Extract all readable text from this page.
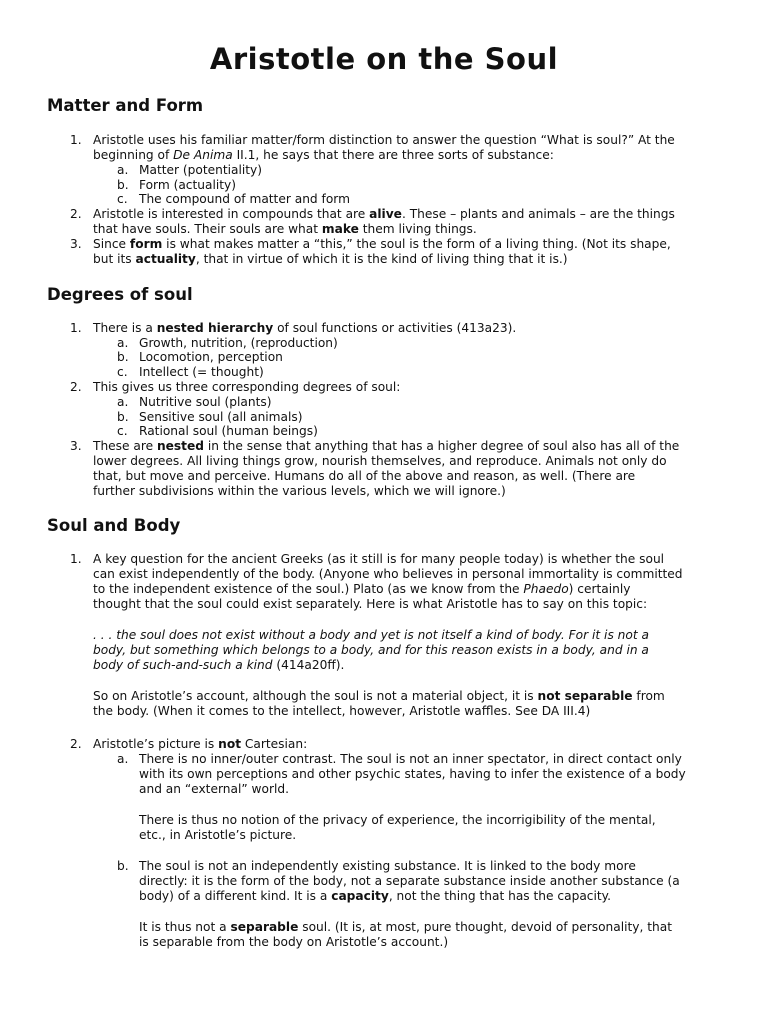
Aristotle on the Soul
Matter and Form
1. Aristotle uses his familiar matter/form distinction to answer the question “What is soul?” At the
beginning of De Anima II.1, he says that there are three sorts of substance:
a. Matter (potentiality)
b. Form (actuality)
c. The compound of matter and form
2. Aristotle is interested in compounds that are alive. These – plants and animals – are the things
that have souls. Their souls are what make them living things.
3. Since form is what makes matter a “this,” the soul is the form of a living thing. (Not its shape,
but its actuality, that in virtue of which it is the kind of living thing that it is.)
Degrees of soul
1. There is a nested hierarchy of soul functions or activities (413a23).
a. Growth, nutrition, (reproduction)
b. Locomotion, perception
c. Intellect (= thought)
2. This gives us three corresponding degrees of soul:
a. Nutritive soul (plants)
b. Sensitive soul (all animals)
c. Rational soul (human beings)
3. These are nested in the sense that anything that has a higher degree of soul also has all of the
lower degrees. All living things grow, nourish themselves, and reproduce. Animals not only do
that, but move and perceive. Humans do all of the above and reason, as well. (There are
further subdivisions within the various levels, which we will ignore.)
Soul and Body
1. A key question for the ancient Greeks (as it still is for many people today) is whether the soul
can exist independently of the body. (Anyone who believes in personal immortality is committed
to the independent existence of the soul.) Plato (as we know from the Phaedo) certainly
thought that the soul could exist separately. Here is what Aristotle has to say on this topic:
. . . the soul does not exist without a body and yet is not itself a kind of body. For it is not a
body, but something which belongs to a body, and for this reason exists in a body, and in a
body of such-and-such a kind (414a20ff).
So on Aristotle’s account, although the soul is not a material object, it is not separable from
the body. (When it comes to the intellect, however, Aristotle waffles. See DA III.4)
2. Aristotle’s picture is not Cartesian:
a. There is no inner/outer contrast. The soul is not an inner spectator, in direct contact only
with its own perceptions and other psychic states, having to infer the existence of a body
and an “external” world.
There is thus no notion of the privacy of experience, the incorrigibility of the mental,
etc., in Aristotle’s picture.
b. The soul is not an independently existing substance. It is linked to the body more
directly: it is the form of the body, not a separate substance inside another substance (a
body) of a different kind. It is a capacity, not the thing that has the capacity.
It is thus not a separable soul. (It is, at most, pure thought, devoid of personality, that
is separable from the body on Aristotle’s account.)
